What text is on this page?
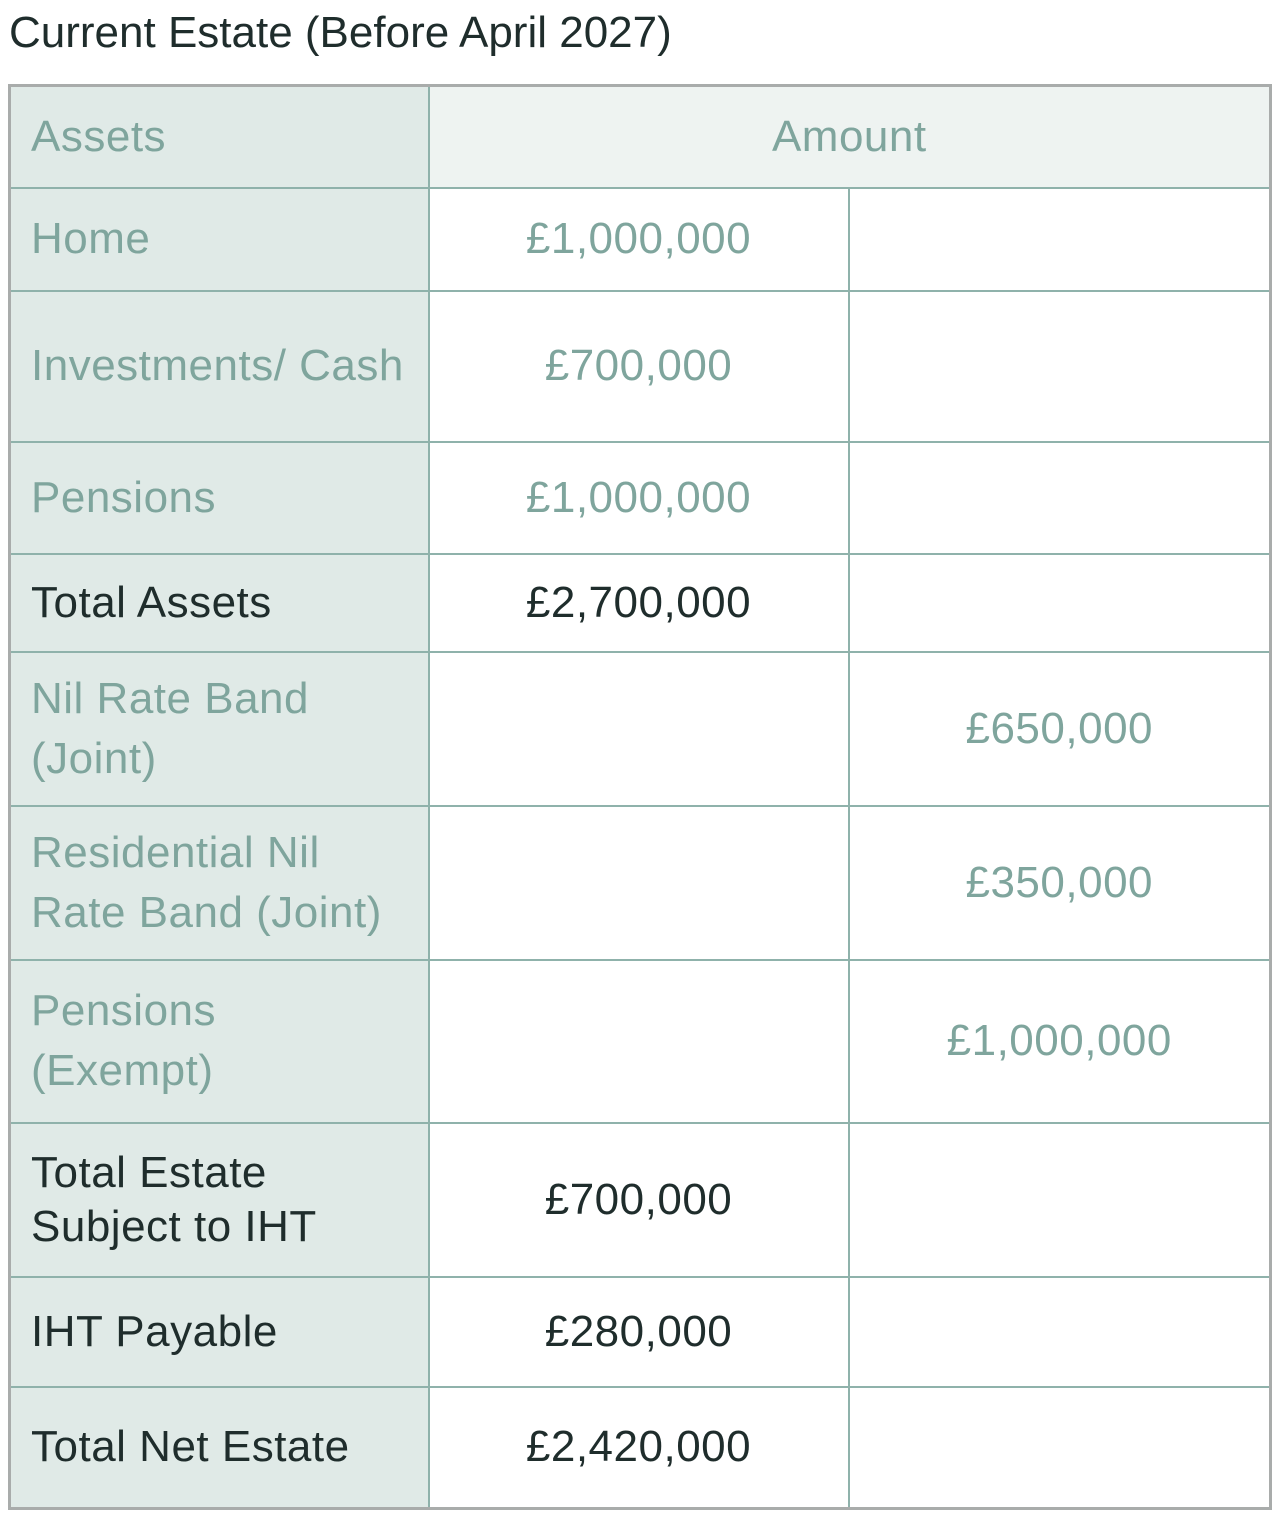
Current Estate (Before April 2027)
Assets	Amount	
Home	£1,000,000	
Investments/ Cash	£700,000	
Pensions	£1,000,000	
Total Assets	£2,700,000	
Nil Rate Band (Joint)		£650,000
Residential Nil Rate Band (Joint)		£350,000
Pensions (Exempt)		£1,000,000
Total Estate Subject to IHT	£700,000	
IHT Payable	£280,000	
Total Net Estate	£2,420,000	
